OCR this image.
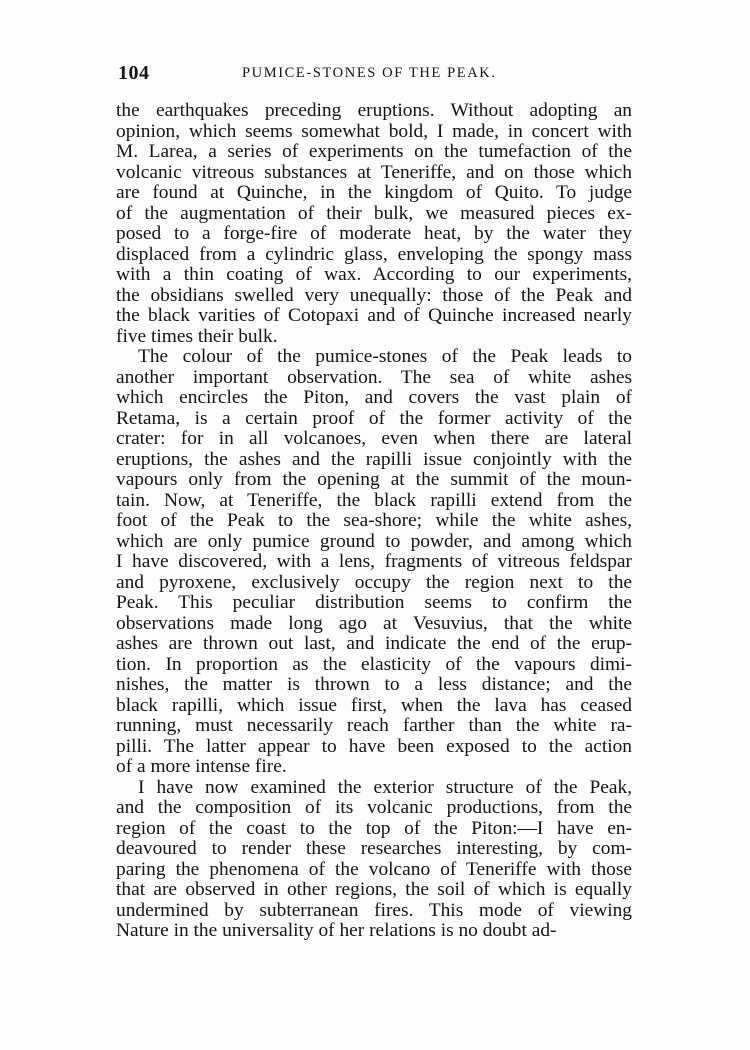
104	PUMICE-STONES OF THE PEAK.
the earthquakes preceding eruptions. Without adopting an
opinion, which seems somewhat bold, I made, in concert with
M. Larea, a series of experiments on the tumefaction of the
volcanic vitreous substances at Teneriffe, and on those which
are found at Quinche, in the kingdom of Quito. To judge
of the augmentation of their bulk, we measured pieces ex-
posed to a forge-fire of moderate heat, by the water they
displaced from a cylindric glass, enveloping the spongy mass
with a thin coating of wax. According to our experiments,
the obsidians swelled very unequally: those of the Peak and
the black varities of Cotopaxi and of Quinche increased nearly
five times their bulk.
The colour of the pumice-stones of the Peak leads to
another important observation. The sea of white ashes
which encircles the Piton, and covers the vast plain of
Retama, is a certain proof of the former activity of the
crater: for in all volcanoes, even when there are lateral
eruptions, the ashes and the rapilli issue conjointly with the
vapours only from the opening at the summit of the moun-
tain. Now, at Teneriffe, the black rapilli extend from the
foot of the Peak to the sea-shore; while the white ashes,
which are only pumice ground to powder, and among which
I have discovered, with a lens, fragments of vitreous feldspar
and pyroxene, exclusively occupy the region next to the
Peak. This peculiar distribution seems to confirm the
observations made long ago at Vesuvius, that the white
ashes are thrown out last, and indicate the end of the erup-
tion. In proportion as the elasticity of the vapours dimi-
nishes, the matter is thrown to a less distance; and the
black rapilli, which issue first, when the lava has ceased
running, must necessarily reach farther than the white ra-
pilli. The latter appear to have been exposed to the action
of a more intense fire.
I have now examined the exterior structure of the Peak,
and the composition of its volcanic productions, from the
region of the coast to the top of the Piton:—I have en-
deavoured to render these researches interesting, by com-
paring the phenomena of the volcano of Teneriffe with those
that are observed in other regions, the soil of which is equally
undermined by subterranean fires. This mode of viewing
Nature in the universality of her relations is no doubt ad-
